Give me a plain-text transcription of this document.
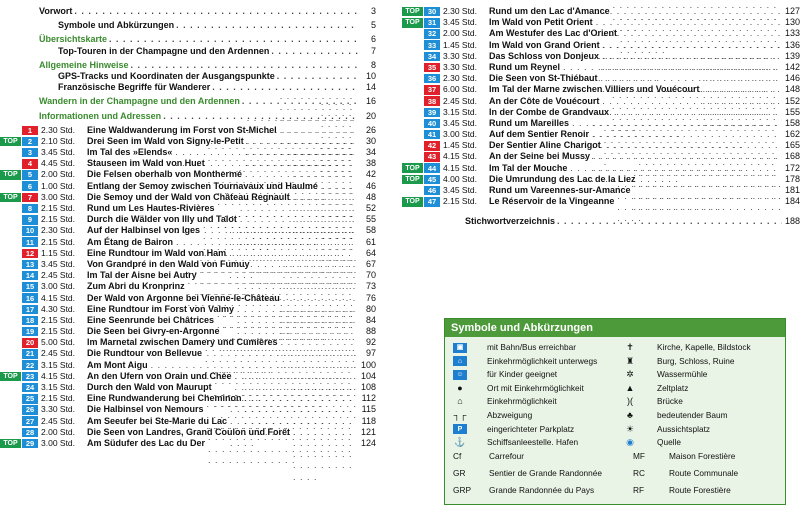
Vorwort . . .	3
Symbole und Abkürzungen . . .	5
Übersichtskarte . . .	6
Top-Touren in der Champagne und den Ardennen . . .	7
Allgemeine Hinweise . . .	8
GPS-Tracks und Koordinaten der Ausgangspunkte . . .	10
Französische Begriffe für Wanderer . . .	14
Wandern in der Champagne und den Ardennen . . .	16
Informationen und Adressen . . .	20
1	2.30 Std.	Eine Waldwanderung im Forst von St-Michel . . .	26
TOP	2	2.10 Std.	Drei Seen im Wald von Signy-le-Petit . . .	30
3	3.45 Std.	Im Tal des »Elends« . . .	34
4	4.45 Std.	Stauseen im Wald von Huet . . .	38
TOP	5	2.00 Std.	Die Felsen oberhalb von Monthermé . . .	42
6	1.00 Std.	Entlang der Semoy zwischen Tournavaux und Haulmé . . .	46
TOP	7	3.00 Std.	Die Semoy und der Wald von Château Regnault . . .	48
8	2.15 Std.	Rund um Les Hautes-Rivières . . .	52
9	2.15 Std.	Durch die Wälder von Illy und Talot . . .	55
10 2.30 Std.	Auf der Halbinsel von Iges . . .	58
11 2.15 Std.	Am Étang de Bairon . . .	61
12 1.15 Std.	Eine Rundtour im Wald von Ham . . .	64
13 3.45 Std.	Von Grandpré in den Wald von Fumuy . . .	67
14 2.45 Std.	Im Tal der Aisne bei Autry . . .	70
15 3.00 Std.	Zum Abri du Kronprinz . . .	73
16 4.15 Std.	Der Wald von Argonne bei Vienne-le-Château . . .	76
17 4.30 Std.	Eine Rundtour im Forst von Valmy . . .	80
18 2.15 Std.	Eine Seenrunde bei Châtrices . . .	84
19 2.15 Std.	Die Seen bei Givry-en-Argonne . . .	88
20 5.00 Std.	Im Marnetal zwischen Damery und Cumières . . .	92
21 2.45 Std.	Die Rundtour von Bellevue . . .	97
22 3.15 Std.	Am Mont Aigu . . .	100
TOP	23 4.15 Std.	An den Ufern von Orain und Chée . . .	104
24 3.15 Std.	Durch den Wald von Maurupt . . .	108
25 2.15 Std.	Eine Rundwanderung bei Cheminon . . .	112
26 3.30 Std.	Die Halbinsel von Nemours . . .	115
27 2.45 Std.	Am Seeufer bei Ste-Marie du Lac . . .	118
28 2.00 Std.	Die Seen von Landres, Grand Coulon und Forêt . . .	121
TOP	29 3.00 Std.	Am Südufer des Lac du Der . . .	124
TOP	30 2.30 Std.	Rund um den Lac d'Amance . . .	127
TOP	31 3.45 Std.	Im Wald von Petit Orient . . .	130
32 2.00 Std.	Am Westufer des Lac d'Orient . . .	133
33 1.45 Std.	Im Wald von Grand Orient . . .	136
34 3.30 Std.	Das Schloss von Donjeux . . .	139
35 3.30 Std.	Rund um Reynel . . .	142
36 2.30 Std.	Die Seen von St-Thiébaut . . .	146
37 6.00 Std.	Im Tal der Marne zwischen Villiers und Vouécourt . . .	148
38 2.45 Std.	An der Côte de Vouécourt . . .	152
39 3.15 Std.	In der Combe de Grandvaux . . .	155
40 3.45 Std.	Rund um Mareilles . . .	158
41 3.00 Std.	Auf dem Sentier Renoir . . .	162
42 1.45 Std.	Der Sentier Aline Charigot . . .	165
43 4.15 Std.	An der Seine bei Mussy . . .	168
TOP	44 4.15 Std.	Im Tal der Mouche . . .	172
TOP	45 4.00 Std.	Die Umrundung des Lac de la Liez . . .	178
46 3.45 Std.	Rund um Vareennes-sur-Amance . . .	181
TOP	47 2.15 Std.	Le Réservoir de la Vingeanne . . .	184
Stichwortverzeichnis . . .	188
Symbole und Abkürzungen
▣	mit Bahn/Bus erreichbar
⌂	Einkehrmöglichkeit unterwegs
☺	für Kinder geeignet
●	Ort mit Einkehrmöglichkeit
⌂	Einkehrmöglichkeit
┐┌ Abzweigung
P	eingerichteter Parkplatz
⚓	Schiffsanleestelle. Hafen
✝	Kirche, Kapelle, Bildstock
♜	Burg, Schloss, Ruine
✲	Wassermühle
▲	Zeltplatz
)(	Brücke
♣	bedeutender Baum
☀	Aussichtsplatz
◉	Quelle
Cf	Carrefour
GR	Sentier de Grande Randonnée
GRP	Grande Randonnée du Pays
MF	Maison Forestière
RC	Route Communale
RF	Route Forestière
